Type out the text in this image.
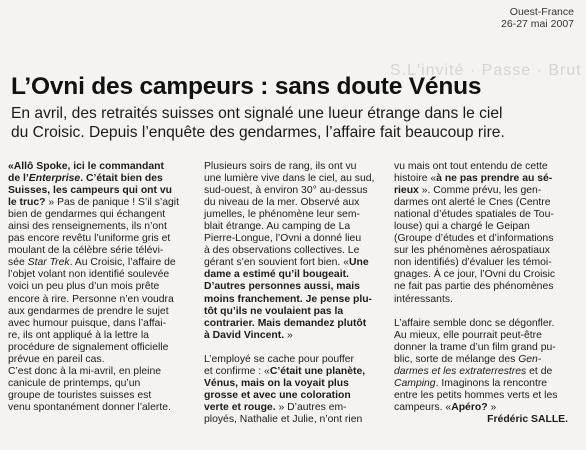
Ouest-France
26-27 mai 2007
S.L'invité · Passe · Brut
L’Ovni des campeurs : sans doute Vénus

En avril, des retraités suisses ont signalé une lueur étrange dans le ciel
du Croisic. Depuis l’enquête des gendarmes, l’affaire fait beaucoup rire.

«Allô Spoke, ici le commandant
de l’Enterprise. C’était bien des
Suisses, les campeurs qui ont vu
le truc? » Pas de panique ! S’il s’agit
bien de gendarmes qui échangent
ainsi des renseignements, ils n’ont
pas encore revêtu l’uniforme gris et
moulant de la célèbre série télévi-
sée Star Trek. Au Croisic, l’affaire de
l’objet volant non identifié soulevée
voici un peu plus d’un mois prête
encore à rire. Personne n’en voudra
aux gendarmes de prendre le sujet
avec humour puisque, dans l’affai-
re, ils ont appliqué à la lettre la
procédure de signalement officielle
prévue en pareil cas.
C’est donc à la mi-avril, en pleine
canicule de printemps, qu’un
groupe de touristes suisses est
venu spontanément donner l’alerte.
Plusieurs soirs de rang, ils ont vu
une lumière vive dans le ciel, au sud,
sud-ouest, à environ 30° au-dessus
du niveau de la mer. Observé aux
jumelles, le phénomène leur sem-
blait étrange. Au camping de La
Pierre-Longue, l’Ovni a donné lieu
à des observations collectives. Le
gérant s’en souvient fort bien. «Une
dame a estimé qu’il bougeait.
D’autres personnes aussi, mais
moins franchement. Je pense plu-
tôt qu’ils ne voulaient pas la
contrarier. Mais demandez plutôt
à David Vincent. »
L’employé se cache pour pouffer
et confirme : «C’était une planète,
Vénus, mais on la voyait plus
grosse et avec une coloration
verte et rouge. » D’autres em-
ployés, Nathalie et Julie, n’ont rien
vu mais ont tout entendu de cette
histoire «à ne pas prendre au sé-
rieux ». Comme prévu, les gen-
darmes ont alerté le Cnes (Centre
national d’études spatiales de Tou-
louse) qui a chargé le Geipan
(Groupe d’études et d’informations
sur les phénomènes aérospatiaux
non identifiés) d’évaluer les témoi-
gnages. À ce jour, l’Ovni du Croisic
ne fait pas partie des phénomènes
intéressants.
L’affaire semble donc se dégonfler.
Au mieux, elle pourrait peut-être
donner la trame d’un film grand pu-
blic, sorte de mélange des Gen-
darmes et les extraterrestres et de
Camping. Imaginons la rencontre
entre les petits hommes verts et les
campeurs. «Apéro? »
Frédéric SALLE.
